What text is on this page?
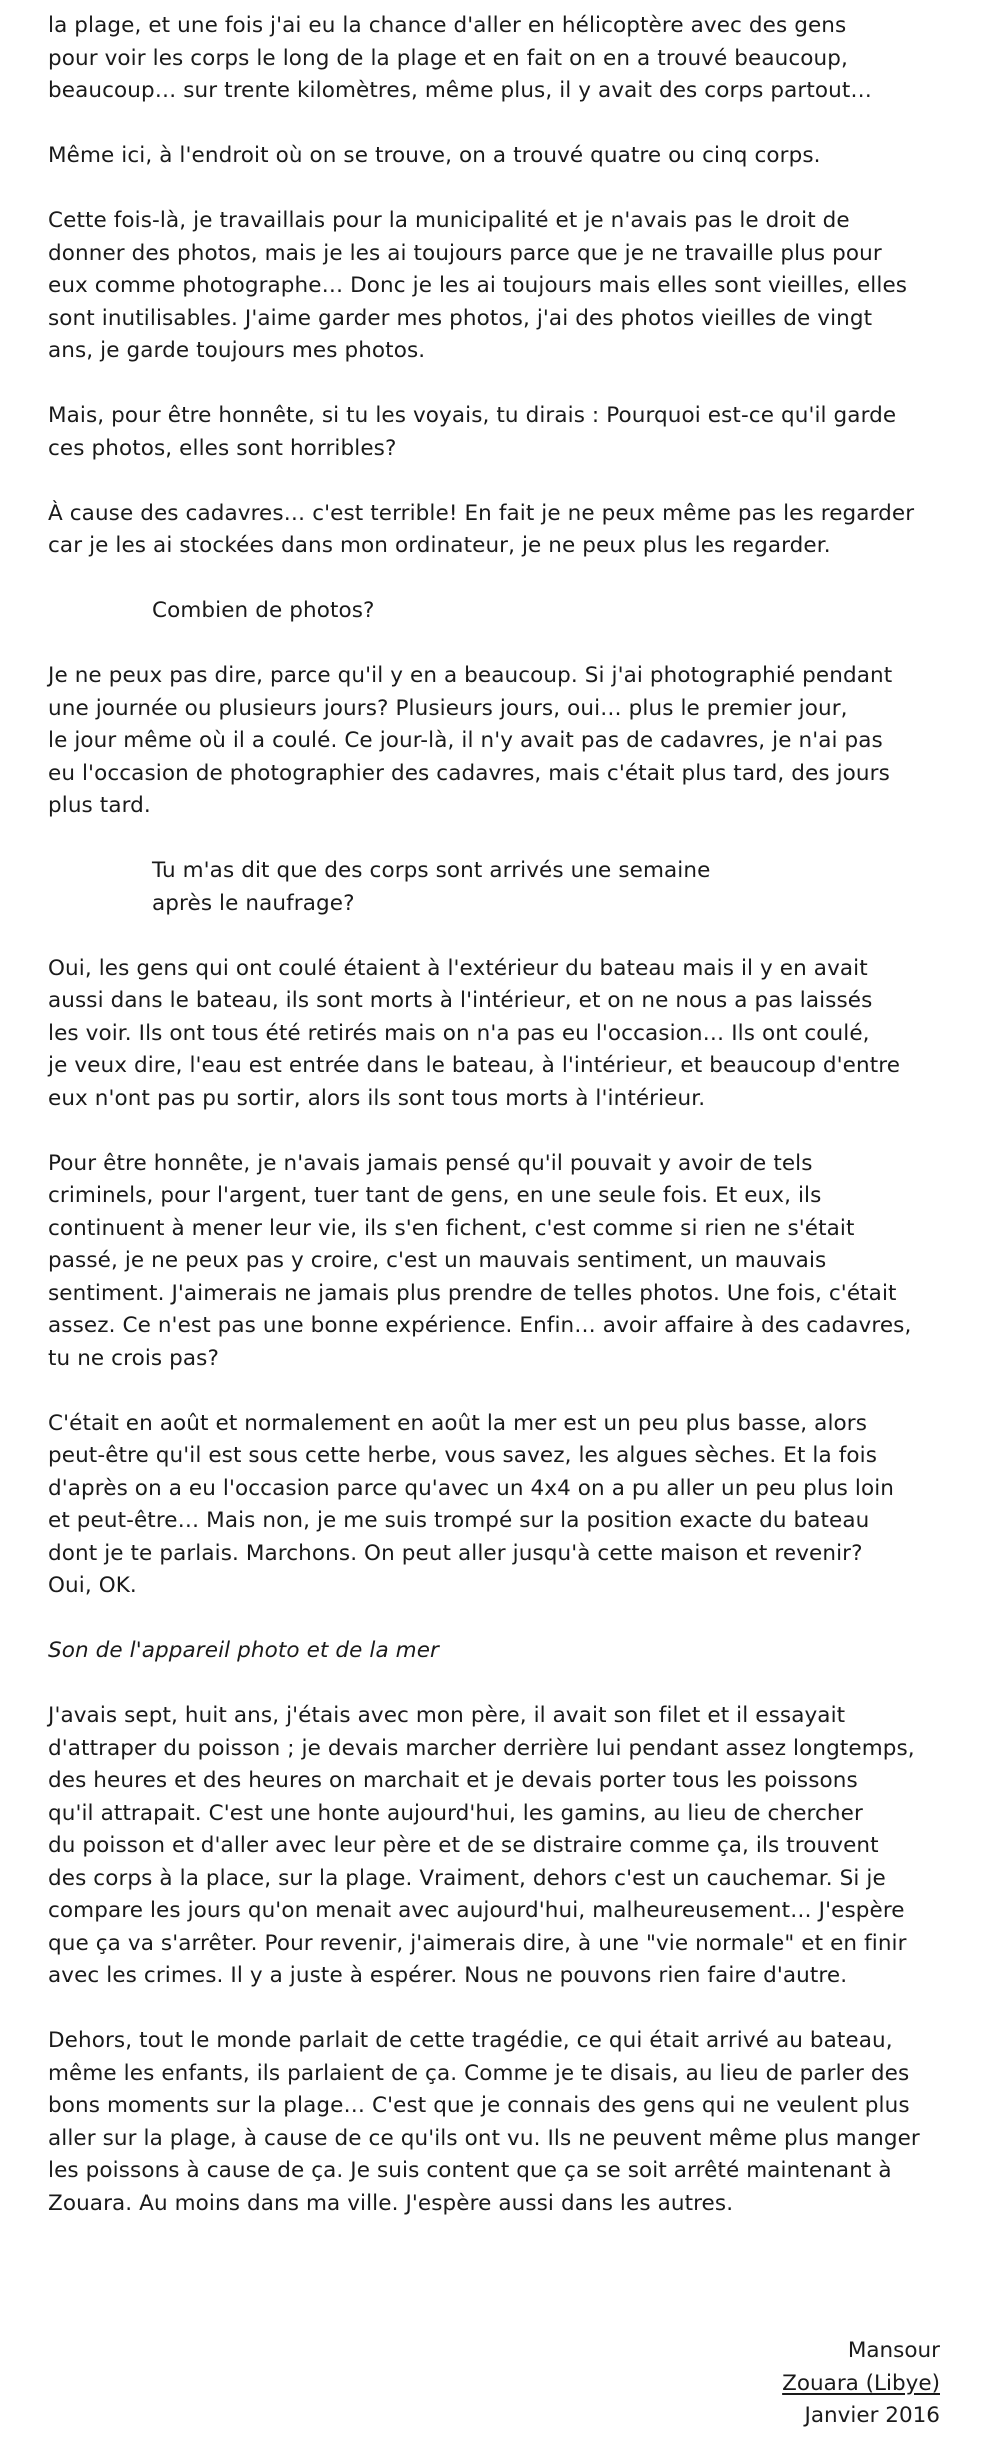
la plage, et une fois j'ai eu la chance d'aller en hélicoptère avec des gens
pour voir les corps le long de la plage et en fait on en a trouvé beaucoup,
beaucoup… sur trente kilomètres, même plus, il y avait des corps partout…

Même ici, à l'endroit où on se trouve, on a trouvé quatre ou cinq corps.

Cette fois-là, je travaillais pour la municipalité et je n'avais pas le droit de
donner des photos, mais je les ai toujours parce que je ne travaille plus pour
eux comme photographe… Donc je les ai toujours mais elles sont vieilles, elles
sont inutilisables. J'aime garder mes photos, j'ai des photos vieilles de vingt
ans, je garde toujours mes photos.

Mais, pour être honnête, si tu les voyais, tu dirais : Pourquoi est-ce qu'il garde
ces photos, elles sont horribles?

À cause des cadavres… c'est terrible! En fait je ne peux même pas les regarder
car je les ai stockées dans mon ordinateur, je ne peux plus les regarder.

Combien de photos?

Je ne peux pas dire, parce qu'il y en a beaucoup. Si j'ai photographié pendant
une journée ou plusieurs jours? Plusieurs jours, oui… plus le premier jour,
le jour même où il a coulé. Ce jour-là, il n'y avait pas de cadavres, je n'ai pas
eu l'occasion de photographier des cadavres, mais c'était plus tard, des jours
plus tard.

Tu m'as dit que des corps sont arrivés une semaine
après le naufrage?

Oui, les gens qui ont coulé étaient à l'extérieur du bateau mais il y en avait
aussi dans le bateau, ils sont morts à l'intérieur, et on ne nous a pas laissés
les voir. Ils ont tous été retirés mais on n'a pas eu l'occasion… Ils ont coulé,
je veux dire, l'eau est entrée dans le bateau, à l'intérieur, et beaucoup d'entre
eux n'ont pas pu sortir, alors ils sont tous morts à l'intérieur.

Pour être honnête, je n'avais jamais pensé qu'il pouvait y avoir de tels
criminels, pour l'argent, tuer tant de gens, en une seule fois. Et eux, ils
continuent à mener leur vie, ils s'en fichent, c'est comme si rien ne s'était
passé, je ne peux pas y croire, c'est un mauvais sentiment, un mauvais
sentiment. J'aimerais ne jamais plus prendre de telles photos. Une fois, c'était
assez. Ce n'est pas une bonne expérience. Enfin… avoir affaire à des cadavres,
tu ne crois pas?

C'était en août et normalement en août la mer est un peu plus basse, alors
peut-être qu'il est sous cette herbe, vous savez, les algues sèches. Et la fois
d'après on a eu l'occasion parce qu'avec un 4x4 on a pu aller un peu plus loin
et peut-être… Mais non, je me suis trompé sur la position exacte du bateau
dont je te parlais. Marchons. On peut aller jusqu'à cette maison et revenir?
Oui, OK.

Son de l'appareil photo et de la mer

J'avais sept, huit ans, j'étais avec mon père, il avait son filet et il essayait
d'attraper du poisson ; je devais marcher derrière lui pendant assez longtemps,
des heures et des heures on marchait et je devais porter tous les poissons
qu'il attrapait. C'est une honte aujourd'hui, les gamins, au lieu de chercher
du poisson et d'aller avec leur père et de se distraire comme ça, ils trouvent
des corps à la place, sur la plage. Vraiment, dehors c'est un cauchemar. Si je
compare les jours qu'on menait avec aujourd'hui, malheureusement… J'espère
que ça va s'arrêter. Pour revenir, j'aimerais dire, à une "vie normale" et en finir
avec les crimes. Il y a juste à espérer. Nous ne pouvons rien faire d'autre.

Dehors, tout le monde parlait de cette tragédie, ce qui était arrivé au bateau,
même les enfants, ils parlaient de ça. Comme je te disais, au lieu de parler des
bons moments sur la plage… C'est que je connais des gens qui ne veulent plus
aller sur la plage, à cause de ce qu'ils ont vu. Ils ne peuvent même plus manger
les poissons à cause de ça. Je suis content que ça se soit arrêté maintenant à
Zouara. Au moins dans ma ville. J'espère aussi dans les autres.

Mansour
Zouara (Libye)
Janvier 2016
